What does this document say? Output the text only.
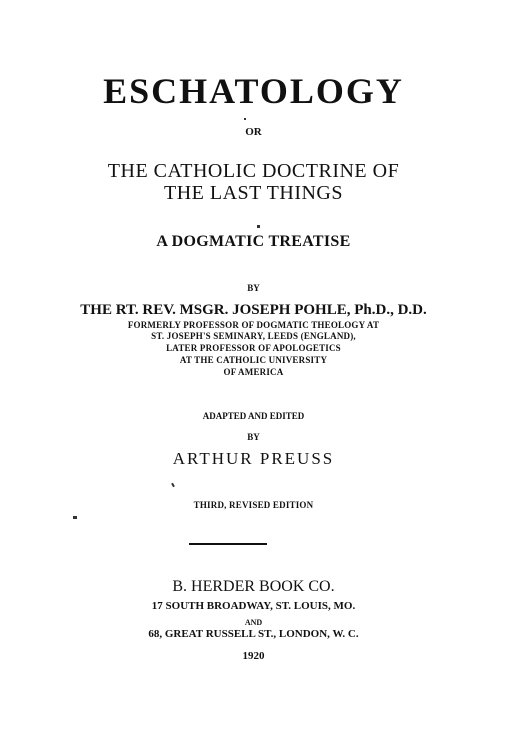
ESCHATOLOGY
OR
THE CATHOLIC DOCTRINE OF
THE LAST THINGS
A DOGMATIC TREATISE
BY
THE RT. REV. MSGR. JOSEPH POHLE, Ph.D., D.D.
FORMERLY PROFESSOR OF DOGMATIC THEOLOGY AT
ST. JOSEPH'S SEMINARY, LEEDS (ENGLAND),
LATER PROFESSOR OF APOLOGETICS
AT THE CATHOLIC UNIVERSITY
OF AMERICA
ADAPTED AND EDITED
BY
ARTHUR PREUSS
THIRD, REVISED EDITION
B. HERDER BOOK CO.
17 SOUTH BROADWAY, ST. LOUIS, MO.
AND
68, GREAT RUSSELL ST., LONDON, W. C.
1920
